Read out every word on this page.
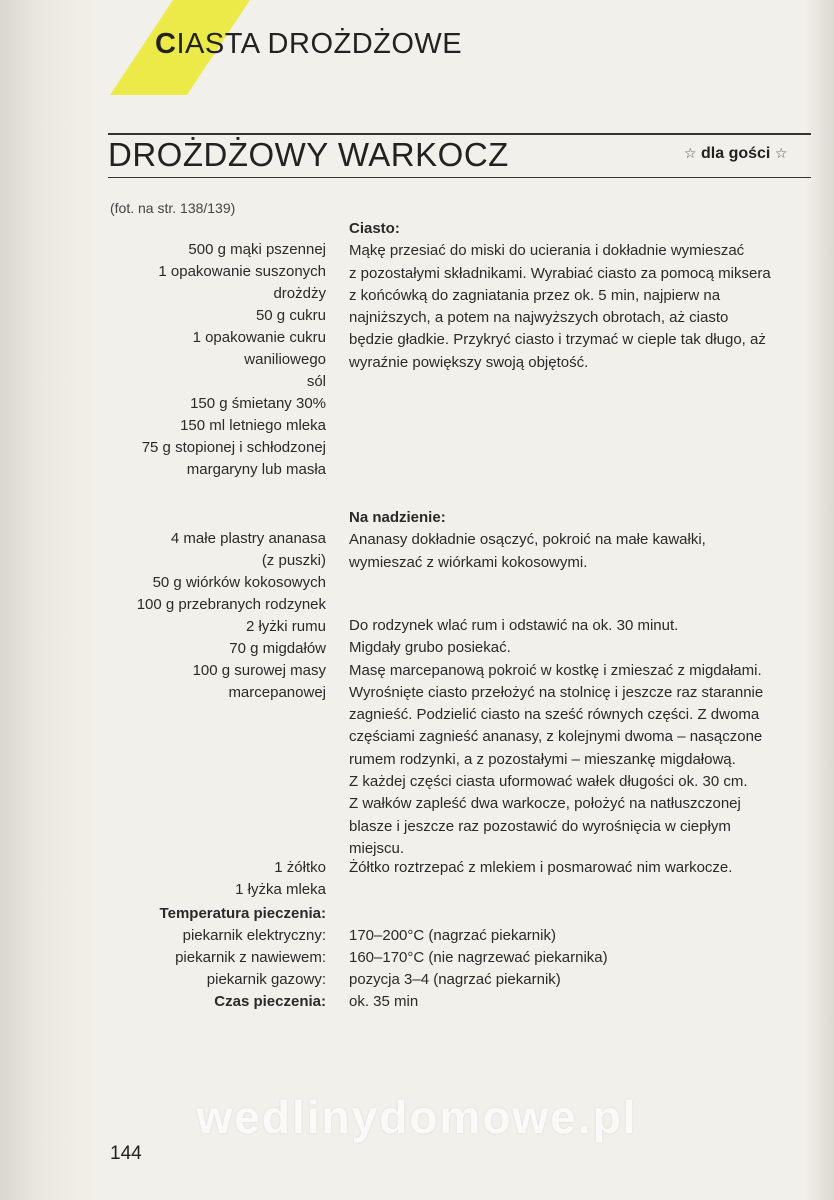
CIASTA DROŻDŻOWE
DROŻDŻOWY WARKOCZ	☆ dla gości ☆
(fot. na str. 138/139)
500 g mąki pszennej
1 opakowanie suszonych
drożdży
50 g cukru
1 opakowanie cukru
waniliowego
sól
150 g śmietany 30%
150 ml letniego mleka
75 g stopionej i schłodzonej
margaryny lub masła
Ciasto:
Mąkę przesiać do miski do ucierania i dokładnie wymieszać
z pozostałymi składnikami. Wyrabiać ciasto za pomocą miksera
z końcówką do zagniatania przez ok. 5 min, najpierw na
najniższych, a potem na najwyższych obrotach, aż ciasto
będzie gładkie. Przykryć ciasto i trzymać w cieple tak długo, aż
wyraźnie powiększy swoją objętość.
Na nadzienie:
Ananasy dokładnie osączyć, pokroić na małe kawałki,
wymieszać z wiórkami kokosowymi.
4 małe plastry ananasa
(z puszki)
50 g wiórków kokosowych
100 g przebranych rodzynek
2 łyżki rumu
70 g migdałów
100 g surowej masy
marcepanowej
Do rodzynek wlać rum i odstawić na ok. 30 minut.
Migdały grubo posiekać.
Masę marcepanową pokroić w kostkę i zmieszać z migdałami.
Wyrośnięte ciasto przełożyć na stolnicę i jeszcze raz starannie
zagnieść. Podzielić ciasto na sześć równych części. Z dwoma
częściami zagnieść ananasy, z kolejnymi dwoma – nasączone
rumem rodzynki, a z pozostałymi – mieszankę migdałową.
Z każdej części ciasta uformować wałek długości ok. 30 cm.
Z wałków zapleść dwa warkocze, położyć na natłuszczonej
blasze i jeszcze raz pozostawić do wyrośnięcia w ciepłym
miejscu.
1 żółtko
1 łyżka mleka
Żółtko roztrzepać z mlekiem i posmarować nim warkocze.
Temperatura pieczenia:
piekarnik elektryczny:
piekarnik z nawiewem:
piekarnik gazowy:
Czas pieczenia:
170–200°C (nagrzać piekarnik)
160–170°C (nie nagrzewać piekarnika)
pozycja 3–4 (nagrzać piekarnik)
ok. 35 min
wedlinydomowe.pl
144
